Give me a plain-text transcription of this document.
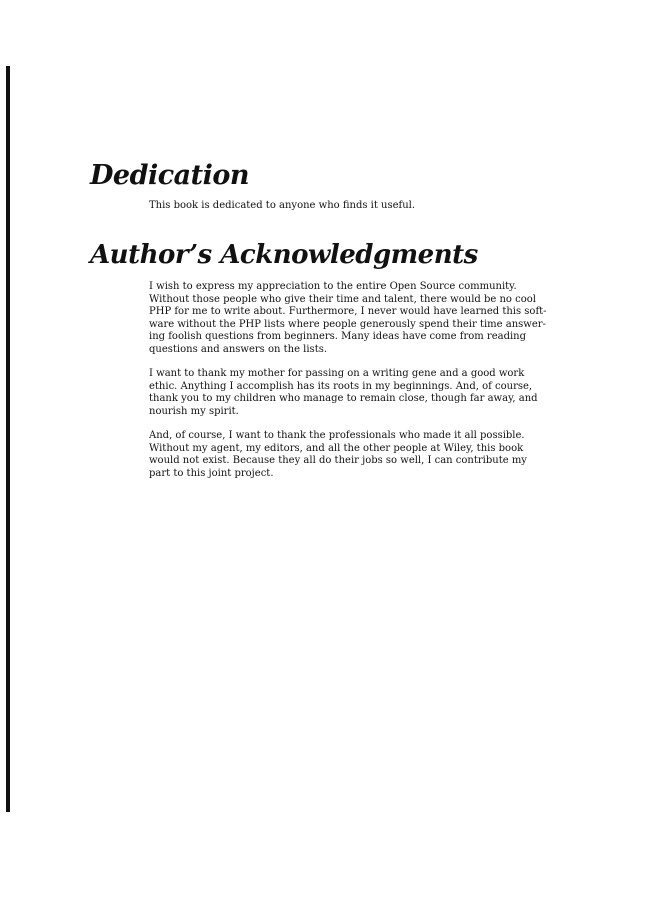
Dedication

This book is dedicated to anyone who finds it useful.

Author’s Acknowledgments

I wish to express my appreciation to the entire Open Source community.
Without those people who give their time and talent, there would be no cool
PHP for me to write about. Furthermore, I never would have learned this soft-
ware without the PHP lists where people generously spend their time answer-
ing foolish questions from beginners. Many ideas have come from reading
questions and answers on the lists.

I want to thank my mother for passing on a writing gene and a good work
ethic. Anything I accomplish has its roots in my beginnings. And, of course,
thank you to my children who manage to remain close, though far away, and
nourish my spirit.

And, of course, I want to thank the professionals who made it all possible.
Without my agent, my editors, and all the other people at Wiley, this book
would not exist. Because they all do their jobs so well, I can contribute my
part to this joint project.
